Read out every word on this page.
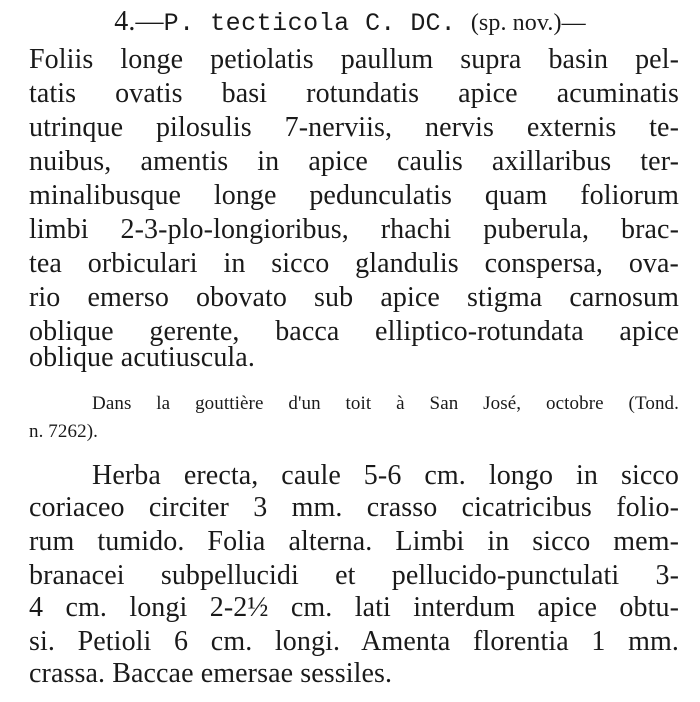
4.—P. tecticola C. DC. (sp. nov.)—
Foliis longe petiolatis paullum supra basin pel-
tatis ovatis basi rotundatis apice acuminatis
utrinque pilosulis 7-nerviis, nervis externis te-
nuibus, amentis in apice caulis axillaribus ter-
minalibusque longe pedunculatis quam foliorum
limbi 2-3-plo-longioribus, rhachi puberula, brac-
tea orbiculari in sicco glandulis conspersa, ova-
rio emerso obovato sub apice stigma carnosum
oblique gerente, bacca elliptico-rotundata apice
oblique acutiuscula.
Dans la gouttière d'un toit à San José, octobre (Tond.
n. 7262).
Herba erecta, caule 5-6 cm. longo in sicco
coriaceo circiter 3 mm. crasso cicatricibus folio-
rum tumido. Folia alterna. Limbi in sicco mem-
branacei subpellucidi et pellucido-punctulati 3-
4 cm. longi 2-2½ cm. lati interdum apice obtu-
si. Petioli 6 cm. longi. Amenta florentia 1 mm.
crassa. Baccae emersae sessiles.
